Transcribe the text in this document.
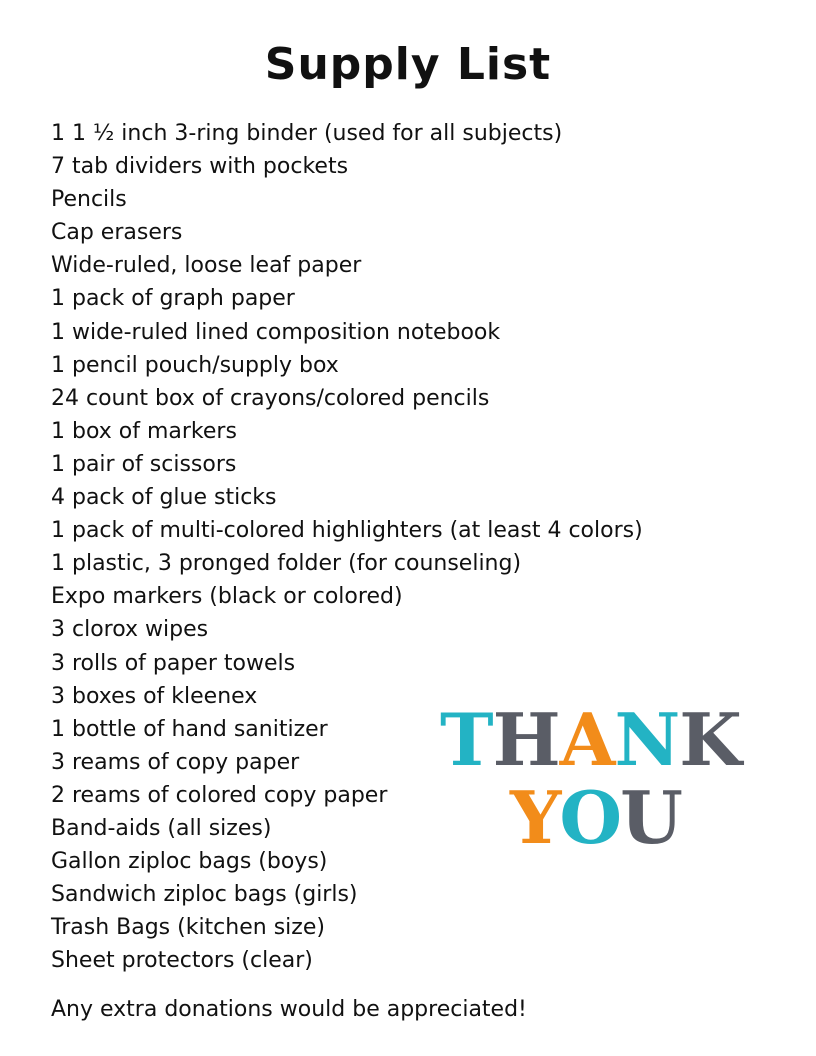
Supply List
1 1 ½ inch 3-ring binder (used for all subjects)
7 tab dividers with pockets
Pencils
Cap erasers
Wide-ruled, loose leaf paper
1 pack of graph paper
1 wide-ruled lined composition notebook
1 pencil pouch/supply box
24 count box of crayons/colored pencils
1 box of markers
1 pair of scissors
4 pack of glue sticks
1 pack of multi-colored highlighters (at least 4 colors)
1 plastic, 3 pronged folder (for counseling)
Expo markers (black or colored)
3 clorox wipes
3 rolls of paper towels
3 boxes of kleenex
1 bottle of hand sanitizer
3 reams of copy paper
2 reams of colored copy paper
Band-aids (all sizes)
Gallon ziploc bags (boys)
Sandwich ziploc bags (girls)
Trash Bags (kitchen size)
Sheet protectors (clear)
Any extra donations would be appreciated!
THANK
YOU
